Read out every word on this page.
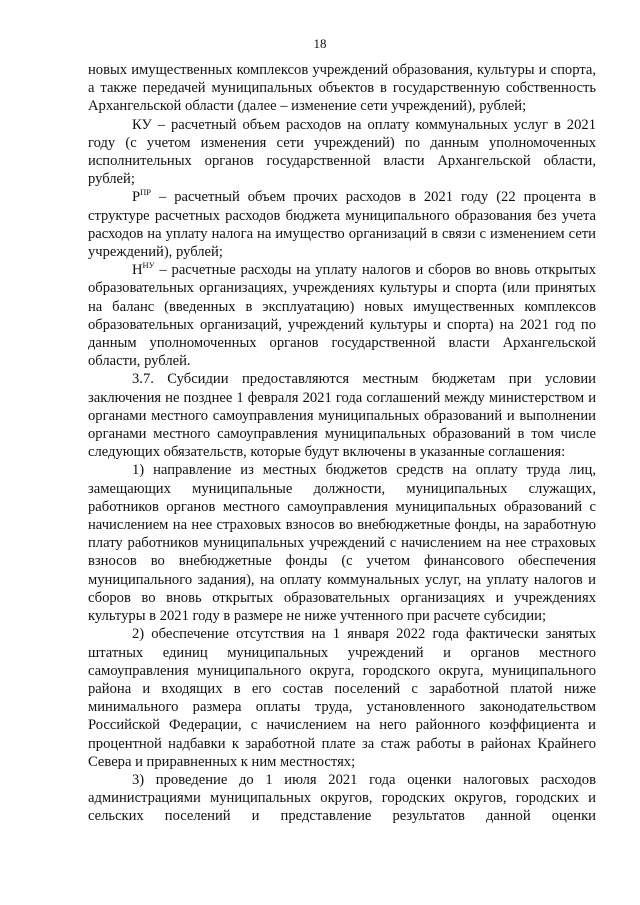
18

новых имущественных комплексов учреждений образования, культуры и спорта, а также передачей муниципальных объектов в государственную собственность Архангельской области (далее – изменение сети учреждений), рублей;

КУ – расчетный объем расходов на оплату коммунальных услуг в 2021 году (с учетом изменения сети учреждений) по данным уполномоченных исполнительных органов государственной власти Архангельской области, рублей;

$Р^{ПР}$ – расчетный объем прочих расходов в 2021 году (22 процента в структуре расчетных расходов бюджета муниципального образования без учета расходов на уплату налога на имущество организаций в связи с изменением сети учреждений), рублей;

$Н^{НУ}$ – расчетные расходы на уплату налогов и сборов во вновь открытых образовательных организациях, учреждениях культуры и спорта (или принятых на баланс (введенных в эксплуатацию) новых имущественных комплексов образовательных организаций, учреждений культуры и спорта) на 2021 год по данным уполномоченных органов государственной власти Архангельской области, рублей.

3.7. Субсидии предоставляются местным бюджетам при условии заключения не позднее 1 февраля 2021 года соглашений между министерством и органами местного самоуправления муниципальных образований и выполнении органами местного самоуправления муниципальных образований в том числе следующих обязательств, которые будут включены в указанные соглашения:

1) направление из местных бюджетов средств на оплату труда лиц, замещающих муниципальные должности, муниципальных служащих, работников органов местного самоуправления муниципальных образований с начислением на нее страховых взносов во внебюджетные фонды, на заработную плату работников муниципальных учреждений с начислением на нее страховых взносов во внебюджетные фонды (с учетом финансового обеспечения муниципального задания), на оплату коммунальных услуг, на уплату налогов и сборов во вновь открытых образовательных организациях и учреждениях культуры в 2021 году в размере не ниже учтенного при расчете субсидии;

2) обеспечение отсутствия на 1 января 2022 года фактически занятых штатных единиц муниципальных учреждений и органов местного самоуправления муниципального округа, городского округа, муниципального района и входящих в его состав поселений с заработной платой ниже минимального размера оплаты труда, установленного законодательством Российской Федерации, с начислением на него районного коэффициента и процентной надбавки к заработной плате за стаж работы в районах Крайнего Севера и приравненных к ним местностях;

3) проведение до 1 июля 2021 года оценки налоговых расходов администрациями муниципальных округов, городских округов, городских и сельских поселений и представление результатов данной оценки
